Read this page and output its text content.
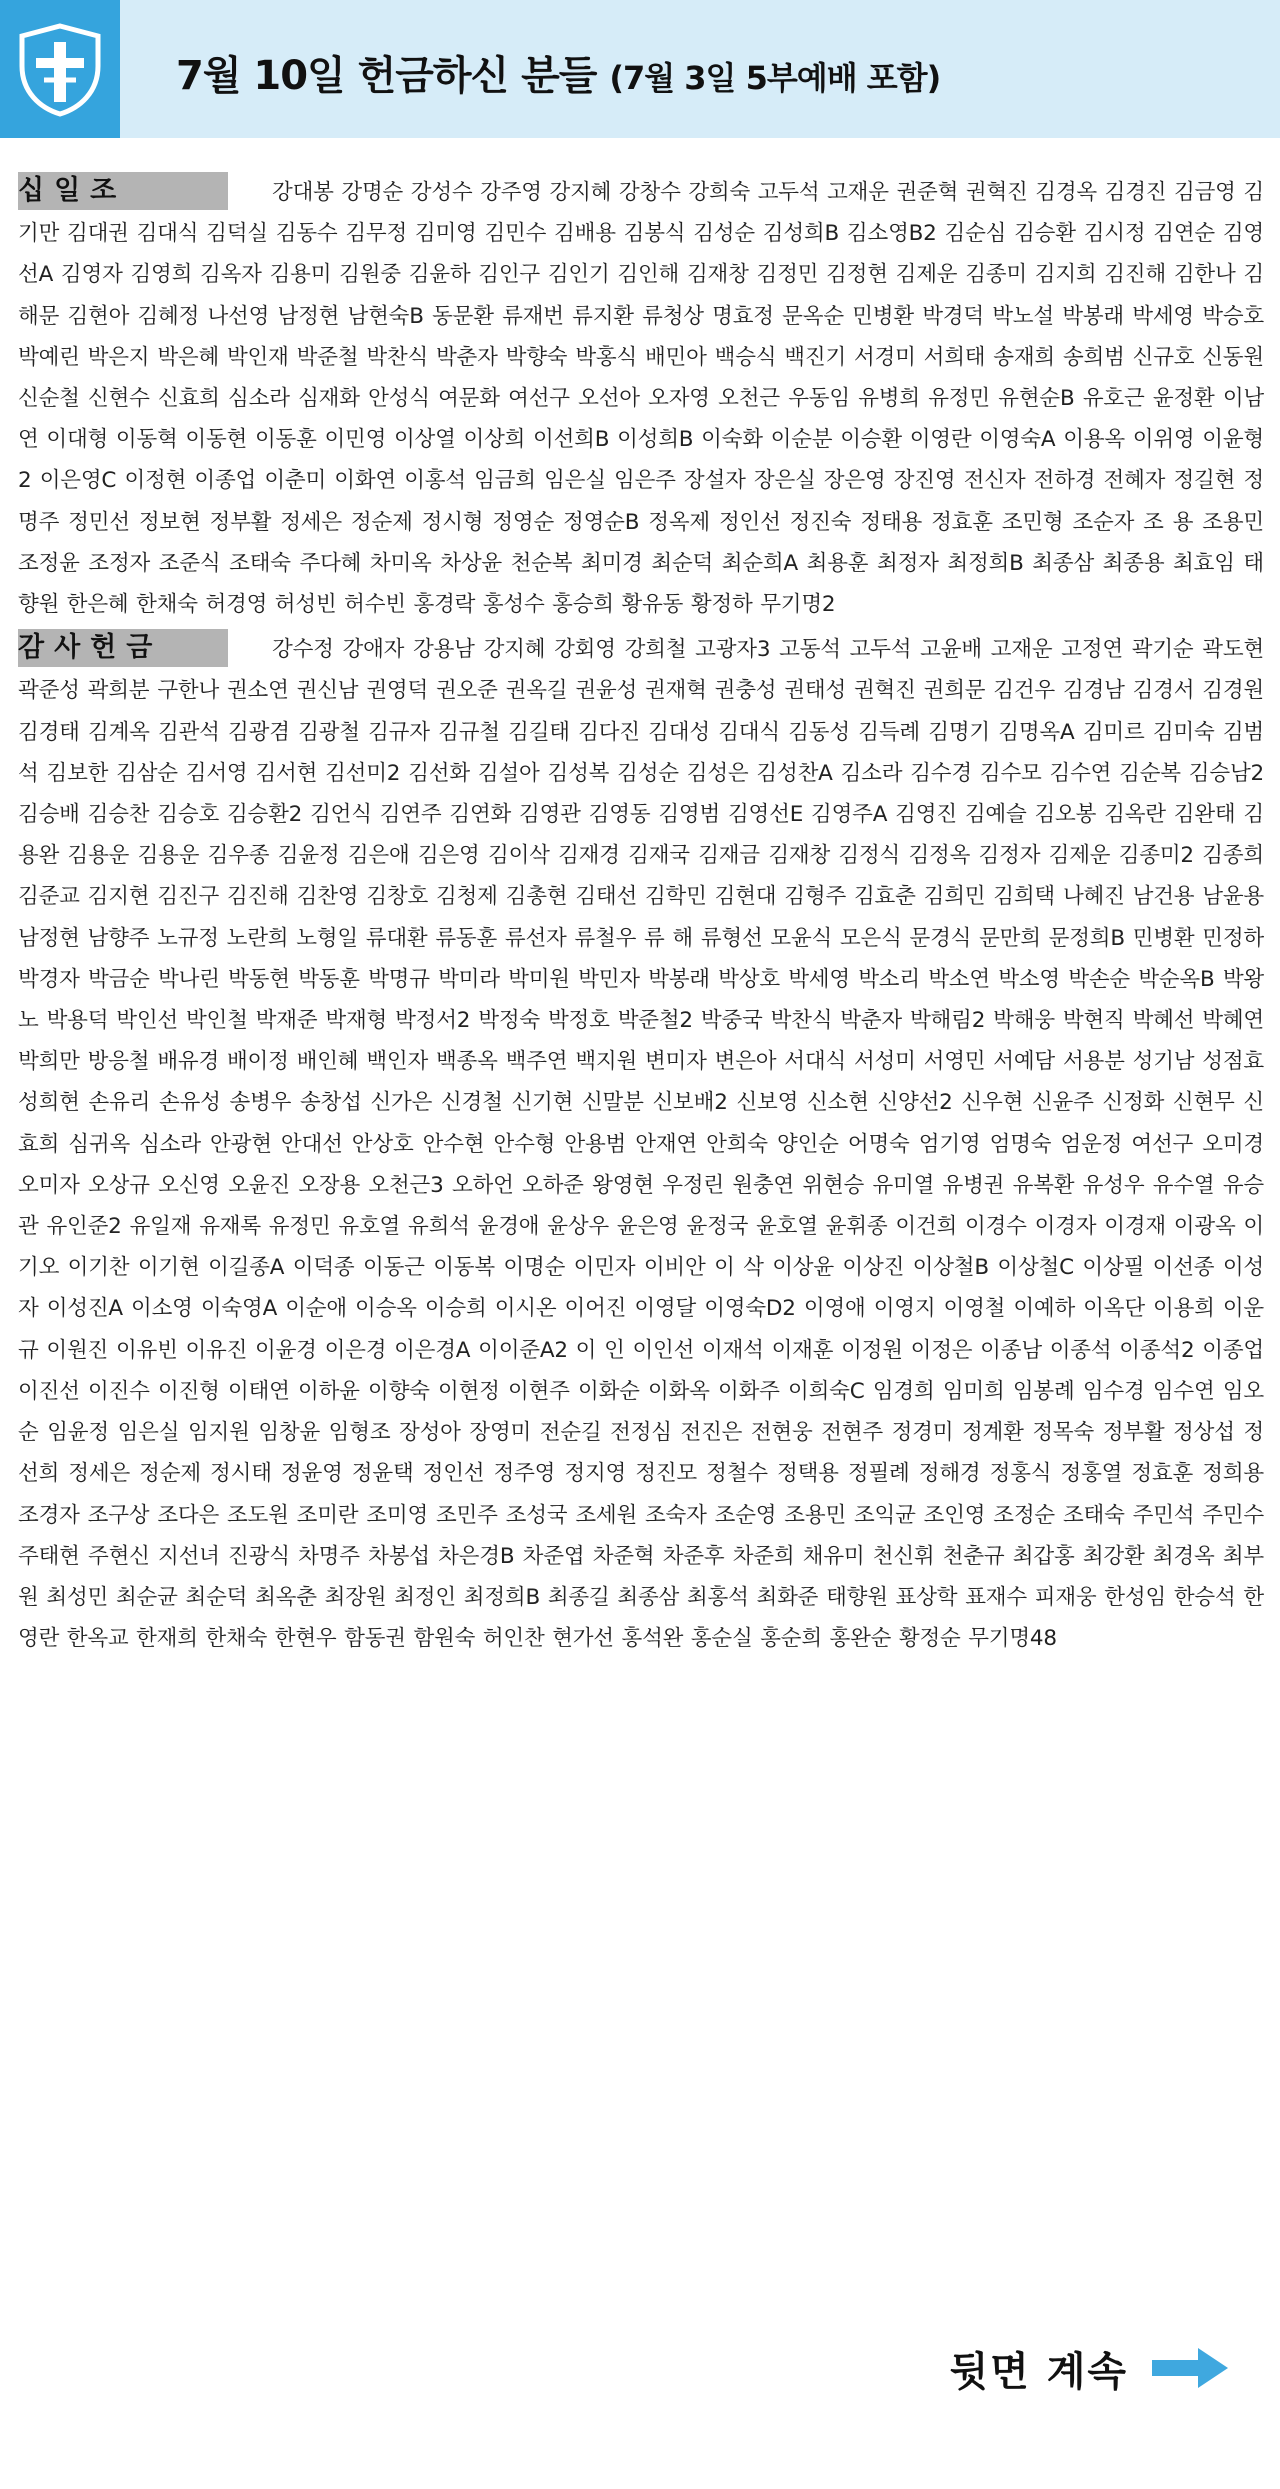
7월 10일 헌금하신 분들 (7월 3일 5부예배 포함)
십 일 조	강대봉 강명순 강성수 강주영 강지혜 강창수 강희숙 고두석 고재운 권준혁 권혁진 김경옥 김경진 김금영 김기만 김대권 김대식 김덕실 김동수 김무정 김미영 김민수 김배용 김봉식 김성순 김성희B 김소영B2 김순심 김승환 김시정 김연순 김영선A 김영자 김영희 김옥자 김용미 김원중 김윤하 김인구 김인기 김인해 김재창 김정민 김정현 김제운 김종미 김지희 김진해 김한나 김해문 김현아 김혜정 나선영 남정현 남현숙B 동문환 류재번 류지환 류청상 명효정 문옥순 민병환 박경덕 박노설 박봉래 박세영 박승호 박예린 박은지 박은혜 박인재 박준철 박찬식 박춘자 박향숙 박홍식 배민아 백승식 백진기 서경미 서희태 송재희 송희범 신규호 신동원 신순철 신현수 신효희 심소라 심재화 안성식 여문화 여선구 오선아 오자영 오천근 우동임 유병희 유정민 유현순B 유호근 윤정환 이남연 이대형 이동혁 이동현 이동훈 이민영 이상열 이상희 이선희B 이성희B 이숙화 이순분 이승환 이영란 이영숙A 이용옥 이위영 이윤형2 이은영C 이정현 이종업 이춘미 이화연 이홍석 임금희 임은실 임은주 장설자 장은실 장은영 장진영 전신자 전하경 전혜자 정길현 정명주 정민선 정보현 정부활 정세은 정순제 정시형 정영순 정영순B 정옥제 정인선 정진숙 정태용 정효훈 조민형 조순자 조 용 조용민 조정윤 조정자 조준식 조태숙 주다혜 차미옥 차상윤 천순복 최미경 최순덕 최순희A 최용훈 최정자 최정희B 최종삼 최종용 최효임 태향원 한은혜 한채숙 허경영 허성빈 허수빈 홍경락 홍성수 홍승희 황유동 황정하 무기명2
감 사 헌 금	강수정 강애자 강용남 강지혜 강회영 강희철 고광자3 고동석 고두석 고윤배 고재운 고정연 곽기순 곽도현 곽준성 곽희분 구한나 권소연 권신남 권영덕 권오준 권옥길 권윤성 권재혁 권충성 권태성 권혁진 권희문 김건우 김경남 김경서 김경원 김경태 김계옥 김관석 김광겸 김광철 김규자 김규철 김길태 김다진 김대성 김대식 김동성 김득례 김명기 김명옥A 김미르 김미숙 김범석 김보한 김삼순 김서영 김서현 김선미2 김선화 김설아 김성복 김성순 김성은 김성찬A 김소라 김수경 김수모 김수연 김순복 김승남2 김승배 김승찬 김승호 김승환2 김언식 김연주 김연화 김영관 김영동 김영범 김영선E 김영주A 김영진 김예슬 김오봉 김옥란 김완태 김용완 김용운 김용운 김우종 김윤정 김은애 김은영 김이삭 김재경 김재국 김재금 김재창 김정식 김정옥 김정자 김제운 김종미2 김종희 김준교 김지현 김진구 김진해 김찬영 김창호 김청제 김총현 김태선 김학민 김현대 김형주 김효춘 김희민 김희택 나혜진 남건용 남윤용 남정현 남향주 노규정 노란희 노형일 류대환 류동훈 류선자 류철우 류 해 류형선 모윤식 모은식 문경식 문만희 문정희B 민병환 민정하 박경자 박금순 박나린 박동현 박동훈 박명규 박미라 박미원 박민자 박봉래 박상호 박세영 박소리 박소연 박소영 박손순 박순옥B 박왕노 박용덕 박인선 박인철 박재준 박재형 박정서2 박정숙 박정호 박준철2 박중국 박찬식 박춘자 박해림2 박해웅 박현직 박혜선 박혜연 박희만 방응철 배유경 배이정 배인혜 백인자 백종옥 백주연 백지원 변미자 변은아 서대식 서성미 서영민 서예담 서용분 성기남 성점효 성희현 손유리 손유성 송병우 송창섭 신가은 신경철 신기현 신말분 신보배2 신보영 신소현 신양선2 신우현 신윤주 신정화 신현무 신효희 심귀옥 심소라 안광현 안대선 안상호 안수현 안수형 안용범 안재연 안희숙 양인순 어명숙 엄기영 엄명숙 엄운정 여선구 오미경 오미자 오상규 오신영 오윤진 오장용 오천근3 오하언 오하준 왕영현 우정린 원충연 위현승 유미열 유병권 유복환 유성우 유수열 유승관 유인준2 유일재 유재록 유정민 유호열 유희석 윤경애 윤상우 윤은영 윤정국 윤호열 윤휘종 이건희 이경수 이경자 이경재 이광옥 이기오 이기찬 이기현 이길종A 이덕종 이동근 이동복 이명순 이민자 이비안 이 삭 이상윤 이상진 이상철B 이상철C 이상필 이선종 이성자 이성진A 이소영 이숙영A 이순애 이승옥 이승희 이시온 이어진 이영달 이영숙D2 이영애 이영지 이영철 이예하 이옥단 이용희 이운규 이원진 이유빈 이유진 이윤경 이은경 이은경A 이이준A2 이 인 이인선 이재석 이재훈 이정원 이정은 이종남 이종석 이종석2 이종업 이진선 이진수 이진형 이태연 이하윤 이향숙 이현정 이현주 이화순 이화옥 이화주 이희숙C 임경희 임미희 임봉례 임수경 임수연 임오순 임윤정 임은실 임지원 임창윤 임형조 장성아 장영미 전순길 전정심 전진은 전현웅 전현주 정경미 정계환 정목숙 정부활 정상섭 정선희 정세은 정순제 정시태 정윤영 정윤택 정인선 정주영 정지영 정진모 정철수 정택용 정필례 정해경 정홍식 정홍열 정효훈 정희용 조경자 조구상 조다은 조도원 조미란 조미영 조민주 조성국 조세원 조숙자 조순영 조용민 조익균 조인영 조정순 조태숙 주민석 주민수 주태현 주현신 지선녀 진광식 차명주 차봉섭 차은경B 차준엽 차준혁 차준후 차준희 채유미 천신휘 천춘규 최갑홍 최강환 최경옥 최부원 최성민 최순균 최순덕 최옥춘 최장원 최정인 최정희B 최종길 최종삼 최홍석 최화준 태향원 표상학 표재수 피재웅 한성임 한승석 한영란 한옥교 한재희 한채숙 한현우 함동권 함원숙 허인찬 현가선 홍석완 홍순실 홍순희 홍완순 황정순 무기명48
뒷면 계속
